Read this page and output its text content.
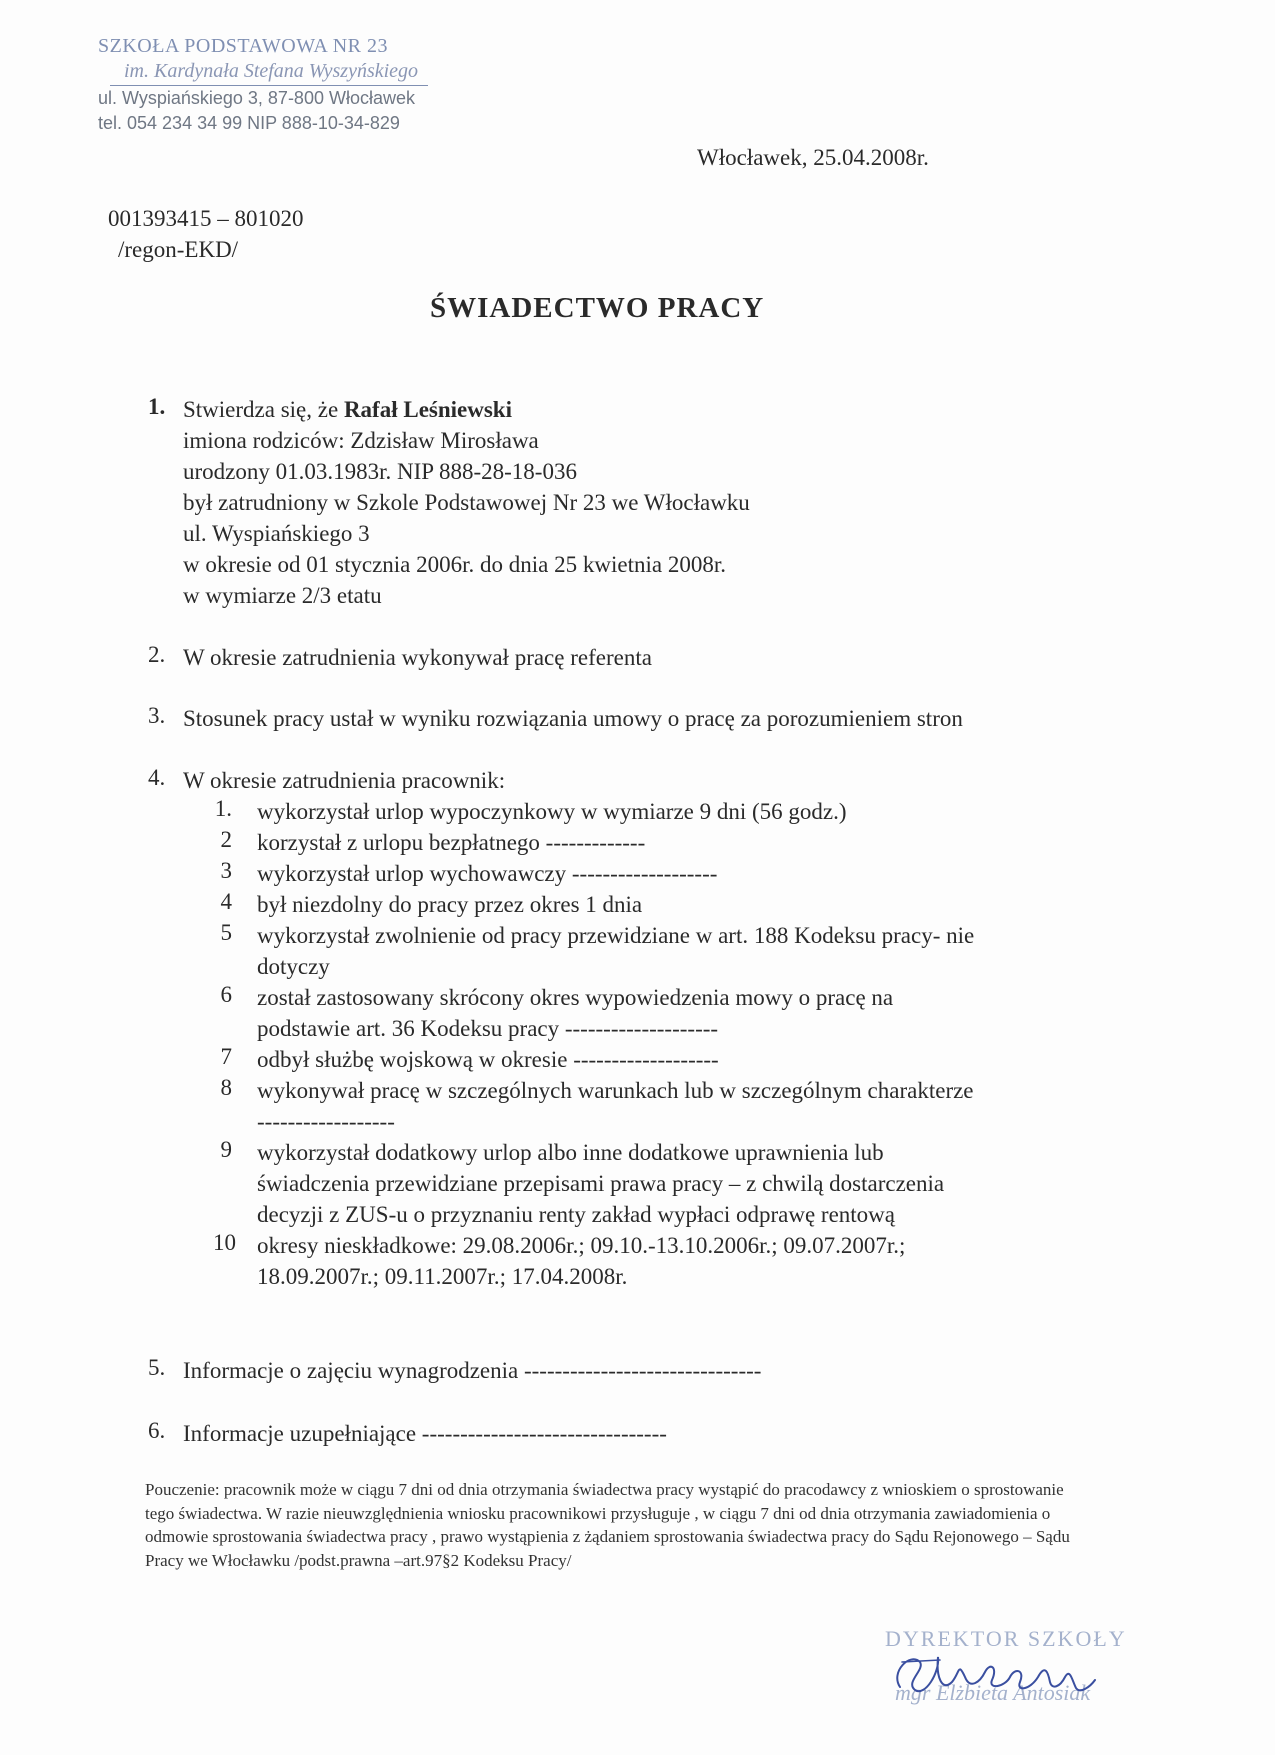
SZKOŁA PODSTAWOWA NR 23
im. Kardynała Stefana Wyszyńskiego
ul. Wyspiańskiego 3, 87-800 Włocławek
tel. 054 234 34 99 NIP 888-10-34-829
Włocławek, 25.04.2008r.
001393415 – 801020
/regon-EKD/
ŚWIADECTWO PRACY
1. Stwierdza się, że Rafał Leśniewski
imiona rodziców: Zdzisław Mirosława
urodzony 01.03.1983r. NIP 888-28-18-036
był zatrudniony w Szkole Podstawowej Nr 23 we Włocławku
ul. Wyspiańskiego 3
w okresie od 01 stycznia 2006r. do dnia 25 kwietnia 2008r.
w wymiarze 2/3 etatu
2. W okresie zatrudnienia wykonywał pracę referenta
3. Stosunek pracy ustał w wyniku rozwiązania umowy o pracę za porozumieniem stron
4. W okresie zatrudnienia pracownik:
1. wykorzystał urlop wypoczynkowy w wymiarze 9 dni (56 godz.)
2 korzystał z urlopu bezpłatnego -------------
3 wykorzystał urlop wychowawczy -------------------
4 był niezdolny do pracy przez okres 1 dnia
5 wykorzystał zwolnienie od pracy przewidziane w art. 188 Kodeksu pracy- nie
dotyczy
6 został zastosowany skrócony okres wypowiedzenia mowy o pracę na
podstawie art. 36 Kodeksu pracy --------------------
7 odbył służbę wojskową w okresie -------------------
8 wykonywał pracę w szczególnych warunkach lub w szczególnym charakterze
------------------
9 wykorzystał dodatkowy urlop albo inne dodatkowe uprawnienia lub
świadczenia przewidziane przepisami prawa pracy – z chwilą dostarczenia
decyzji z ZUS-u o przyznaniu renty zakład wypłaci odprawę rentową
10 okresy nieskładkowe: 29.08.2006r.; 09.10.-13.10.2006r.; 09.07.2007r.;
18.09.2007r.; 09.11.2007r.; 17.04.2008r.
5. Informacje o zajęciu wynagrodzenia -------------------------------
6. Informacje uzupełniające --------------------------------
Pouczenie: pracownik może w ciągu 7 dni od dnia otrzymania świadectwa pracy wystąpić do pracodawcy z wnioskiem o sprostowanie tego świadectwa. W razie nieuwzględnienia wniosku pracownikowi przysługuje , w ciągu 7 dni od dnia otrzymania zawiadomienia o odmowie sprostowania świadectwa pracy , prawo wystąpienia z żądaniem sprostowania świadectwa pracy do Sądu Rejonowego – Sądu Pracy we Włocławku /podst.prawna –art.97§2 Kodeksu Pracy/
DYREKTOR SZKOŁY
mgr Elżbieta Antosiak
